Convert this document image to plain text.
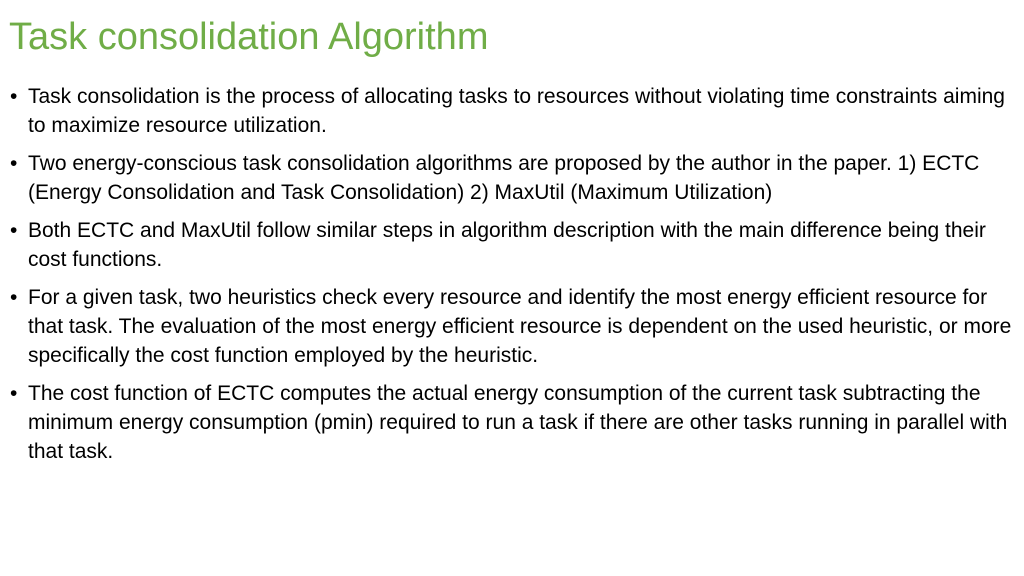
Task consolidation Algorithm
• Task consolidation is the process of allocating tasks to resources without violating time constraints aiming to maximize resource utilization.
• Two energy-conscious task consolidation algorithms are proposed by the author in the paper. 1) ECTC (Energy Consolidation and Task Consolidation) 2) MaxUtil (Maximum Utilization)
• Both ECTC and MaxUtil follow similar steps in algorithm description with the main difference being their cost functions.
• For a given task, two heuristics check every resource and identify the most energy efficient resource for that task. The evaluation of the most energy efficient resource is dependent on the used heuristic, or more specifically the cost function employed by the heuristic.
• The cost function of ECTC computes the actual energy consumption of the current task subtracting the minimum energy consumption (pmin) required to run a task if there are other tasks running in parallel with that task.
